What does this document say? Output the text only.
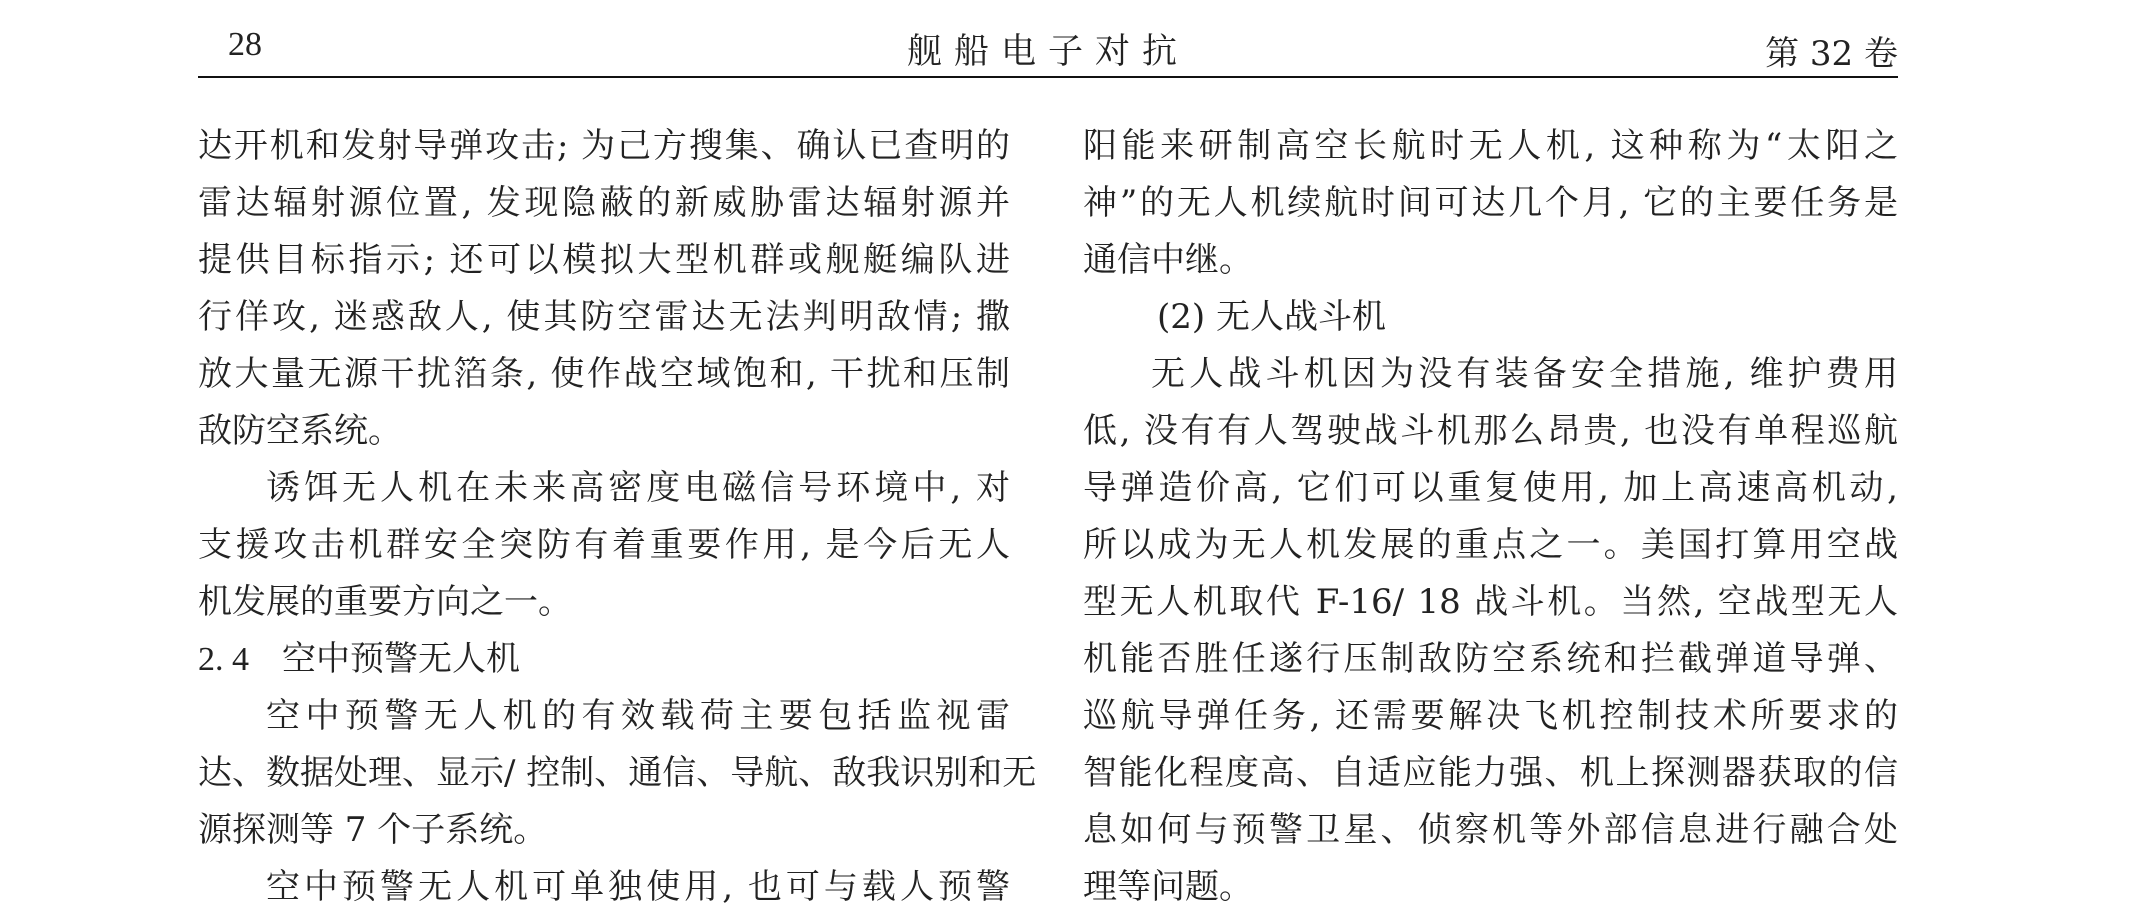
28	舰船电子对抗	第 32 卷
达开机和发射导弹攻击; 为己方搜集、确认已查明的
雷达辐射源位置, 发现隐蔽的新威胁雷达辐射源并
提供目标指示; 还可以模拟大型机群或舰艇编队进
行佯攻, 迷惑敌人, 使其防空雷达无法判明敌情; 撒
放大量无源干扰箔条, 使作战空域饱和, 干扰和压制
敌防空系统。
诱饵无人机在未来高密度电磁信号环境中, 对
支援攻击机群安全突防有着重要作用, 是今后无人
机发展的重要方向之一。
2. 4 空中预警无人机
空中预警无人机的有效载荷主要包括监视雷
达、数据处理、显示/ 控制、通信、导航、敌我识别和无
源探测等 7 个子系统。
空中预警无人机可单独使用, 也可与载人预警
阳能来研制高空长航时无人机, 这种称为“太阳之
神”的无人机续航时间可达几个月, 它的主要任务是
通信中继。
(2) 无人战斗机
无人战斗机因为没有装备安全措施, 维护费用
低, 没有有人驾驶战斗机那么昂贵, 也没有单程巡航
导弹造价高, 它们可以重复使用, 加上高速高机动,
所以成为无人机发展的重点之一。美国打算用空战
型无人机取代 F-16/ 18 战斗机。当然, 空战型无人
机能否胜任遂行压制敌防空系统和拦截弹道导弹、
巡航导弹任务, 还需要解决飞机控制技术所要求的
智能化程度高、自适应能力强、机上探测器获取的信
息如何与预警卫星、侦察机等外部信息进行融合处
理等问题。
